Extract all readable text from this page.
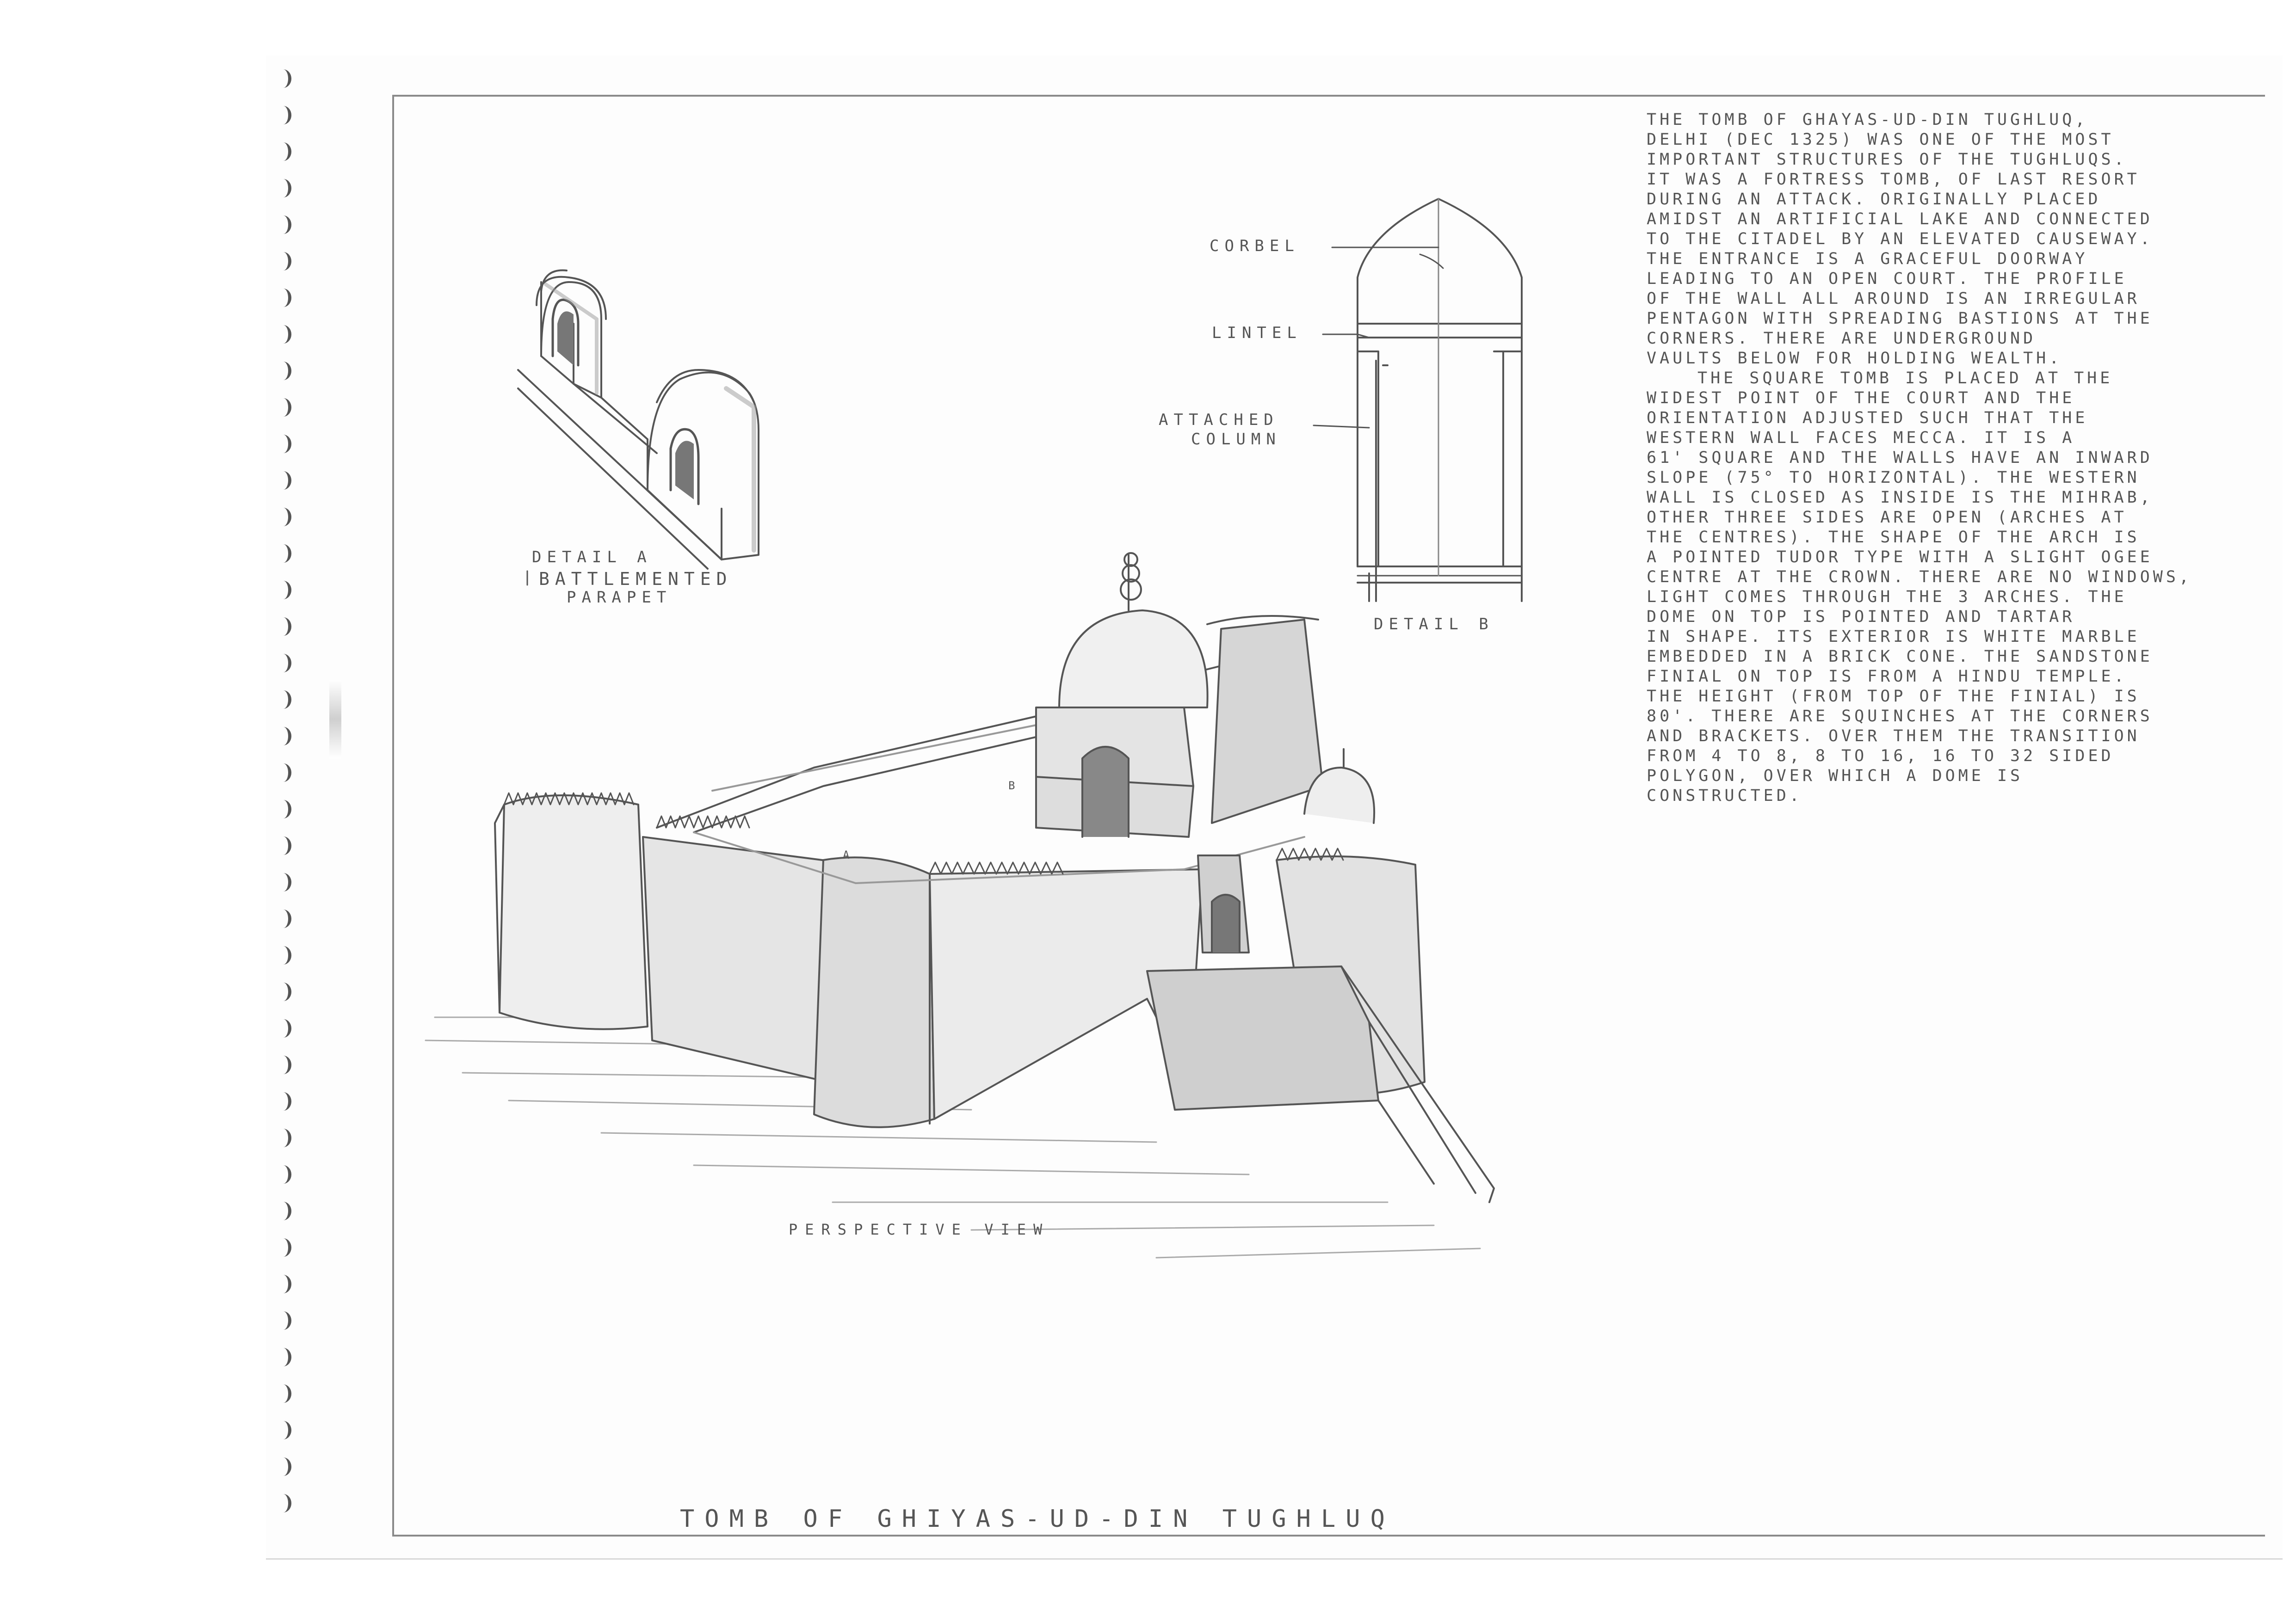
THE TOMB OF GHAYAS-UD-DIN TUGHLUQ,
DELHI (DEC 1325) WAS ONE OF THE MOST
IMPORTANT STRUCTURES OF THE TUGHLUQS.
IT WAS A FORTRESS TOMB, OF LAST RESORT
DURING AN ATTACK. ORIGINALLY PLACED
AMIDST AN ARTIFICIAL LAKE AND CONNECTED
TO THE CITADEL BY AN ELEVATED CAUSEWAY.
THE ENTRANCE IS A GRACEFUL DOORWAY
LEADING TO AN OPEN COURT. THE PROFILE
OF THE WALL ALL AROUND IS AN IRREGULAR
PENTAGON WITH SPREADING BASTIONS AT THE
CORNERS. THERE ARE UNDERGROUND
VAULTS BELOW FOR HOLDING WEALTH.
THE SQUARE TOMB IS PLACED AT THE
WIDEST POINT OF THE COURT AND THE
ORIENTATION ADJUSTED SUCH THAT THE
WESTERN WALL FACES MECCA. IT IS A
61' SQUARE AND THE WALLS HAVE AN INWARD
SLOPE (75° TO HORIZONTAL). THE WESTERN
WALL IS CLOSED AS INSIDE IS THE MIHRAB,
OTHER THREE SIDES ARE OPEN (ARCHES AT
THE CENTRES). THE SHAPE OF THE ARCH IS
A POINTED TUDOR TYPE WITH A SLIGHT OGEE
CENTRE AT THE CROWN. THERE ARE NO WINDOWS,
LIGHT COMES THROUGH THE 3 ARCHES. THE
DOME ON TOP IS POINTED AND TARTAR
IN SHAPE. ITS EXTERIOR IS WHITE MARBLE
EMBEDDED IN A BRICK CONE. THE SANDSTONE
FINIAL ON TOP IS FROM A HINDU TEMPLE.
THE HEIGHT (FROM TOP OF THE FINIAL) IS
80'. THERE ARE SQUINCHES AT THE CORNERS
AND BRACKETS. OVER THEM THE TRANSITION
FROM 4 TO 8, 8 TO 16, 16 TO 32 SIDED
POLYGON, OVER WHICH A DOME IS
CONSTRUCTED.
CORBEL
LINTEL
ATTACHED
COLUMN
DETAIL A
BATTLEMENTED
PARAPET
DETAIL B
PERSPECTIVE VIEW
A
B
TOMB OF GHIYAS-UD-DIN TUGHLUQ
